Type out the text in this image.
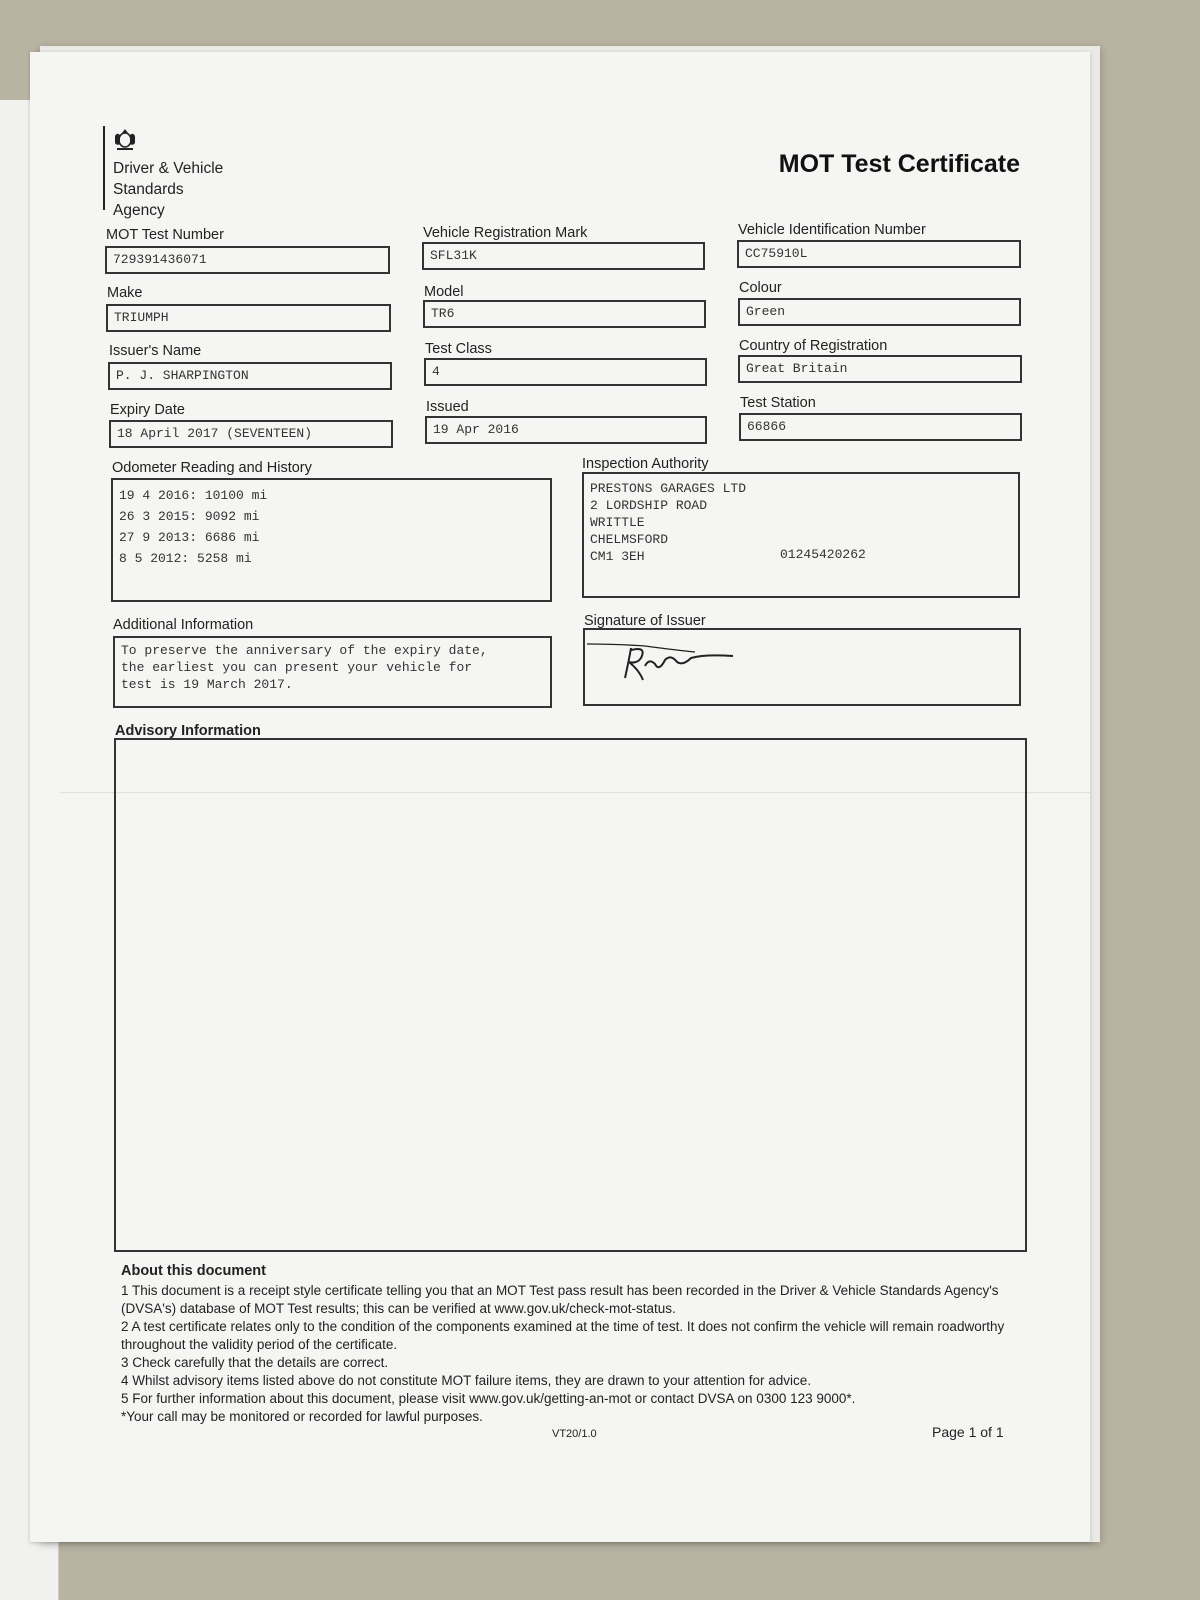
Driver & Vehicle
Standards
Agency
MOT Test Certificate
MOT Test Number
729391436071
Vehicle Registration Mark
SFL31K
Vehicle Identification Number
CC75910L
Make
TRIUMPH
Model
TR6
Colour
Green
Issuer's Name
P. J. SHARPINGTON
Test Class
4
Country of Registration
Great Britain
Expiry Date
18 April 2017 (SEVENTEEN)
Issued
19 Apr 2016
Test Station
66866
Odometer Reading and History
19 4 2016: 10100 mi
26 3 2015: 9092 mi
27 9 2013: 6686 mi
8 5 2012: 5258 mi
Inspection Authority
PRESTONS GARAGES LTD
2 LORDSHIP ROAD
WRITTLE
CHELMSFORD
CM1 3EH	01245420262
Additional Information
To preserve the anniversary of the expiry date,
the earliest you can present your vehicle for
test is 19 March 2017.
Signature of Issuer
Advisory Information
About this document

1 This document is a receipt style certificate telling you that an MOT Test pass result has been recorded in the Driver & Vehicle Standards Agency's (DVSA's) database of MOT Test results; this can be verified at www.gov.uk/check-mot-status.

2 A test certificate relates only to the condition of the components examined at the time of test. It does not confirm the vehicle will remain roadworthy throughout the validity period of the certificate.

3 Check carefully that the details are correct.

4 Whilst advisory items listed above do not constitute MOT failure items, they are drawn to your attention for advice.

5 For further information about this document, please visit www.gov.uk/getting-an-mot or contact DVSA on 0300 123 9000*.

*Your call may be monitored or recorded for lawful purposes.

VT20/1.0	Page 1 of 1
